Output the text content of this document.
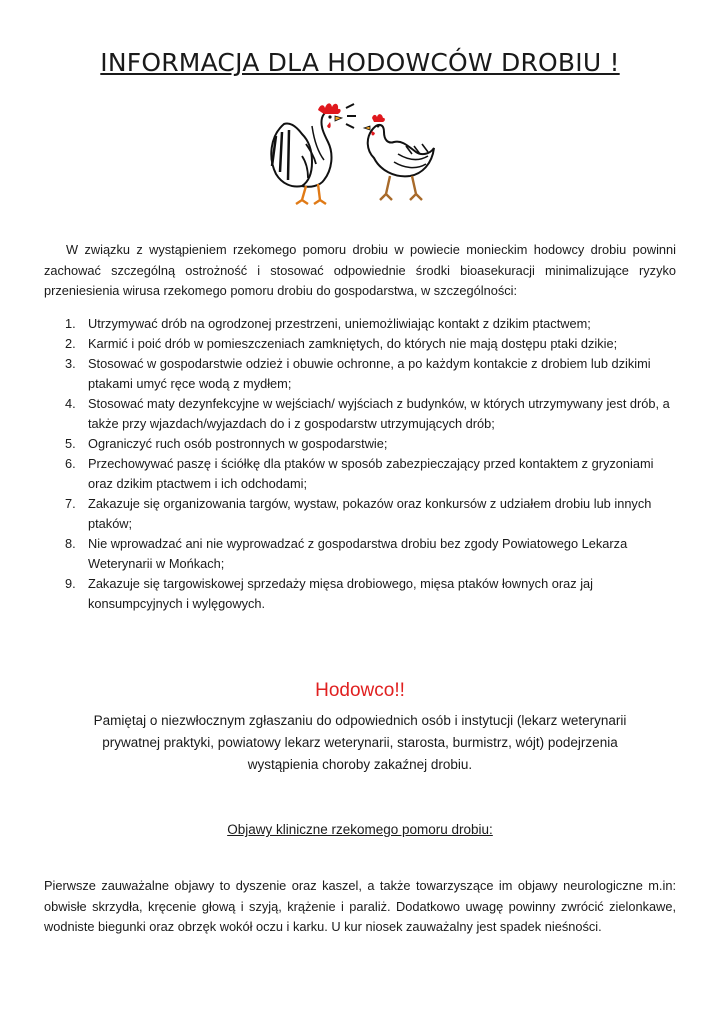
INFORMACJA DLA HODOWCÓW DROBIU !

W związku z wystąpieniem rzekomego pomoru drobiu w powiecie monieckim hodowcy drobiu powinni zachować szczególną ostrożność i stosować odpowiednie środki bioasekuracji minimalizujące ryzyko przeniesienia wirusa rzekomego pomoru drobiu do gospodarstwa, w szczególności:

1. Utrzymywać drób na ogrodzonej przestrzeni, uniemożliwiając kontakt z dzikim ptactwem;
2. Karmić i poić drób w pomieszczeniach zamkniętych, do których nie mają dostępu ptaki dzikie;
3. Stosować w gospodarstwie odzież i obuwie ochronne, a po każdym kontakcie z drobiem lub dzikimi ptakami umyć ręce wodą z mydłem;
4. Stosować maty dezynfekcyjne w wejściach/ wyjściach z budynków, w których utrzymywany jest drób, a także przy wjazdach/wyjazdach do i z gospodarstw utrzymujących drób;
5. Ograniczyć ruch osób postronnych w gospodarstwie;
6. Przechowywać paszę i ściółkę dla ptaków w sposób zabezpieczający przed kontaktem z gryzoniami oraz dzikim ptactwem i ich odchodami;
7. Zakazuje się organizowania targów, wystaw, pokazów oraz konkursów z udziałem drobiu lub innych ptaków;
8. Nie wprowadzać ani nie wyprowadzać z gospodarstwa drobiu bez zgody Powiatowego Lekarza Weterynarii w Mońkach;
9. Zakazuje się targowiskowej sprzedaży mięsa drobiowego, mięsa ptaków łownych oraz jaj konsumpcyjnych i wylęgowych.
Hodowco!!

Pamiętaj o niezwłocznym zgłaszaniu do odpowiednich osób i instytucji (lekarz weterynarii prywatnej praktyki, powiatowy lekarz weterynarii, starosta, burmistrz, wójt) podejrzenia wystąpienia choroby zakaźnej drobiu.

Objawy kliniczne rzekomego pomoru drobiu:

Pierwsze zauważalne objawy to dyszenie oraz kaszel, a także towarzyszące im objawy neurologiczne m.in: obwisłe skrzydła, kręcenie głową i szyją, krążenie i paraliż. Dodatkowo uwagę powinny zwrócić zielonkawe, wodniste biegunki oraz obrzęk wokół oczu i karku. U kur niosek zauważalny jest spadek nieśności.
